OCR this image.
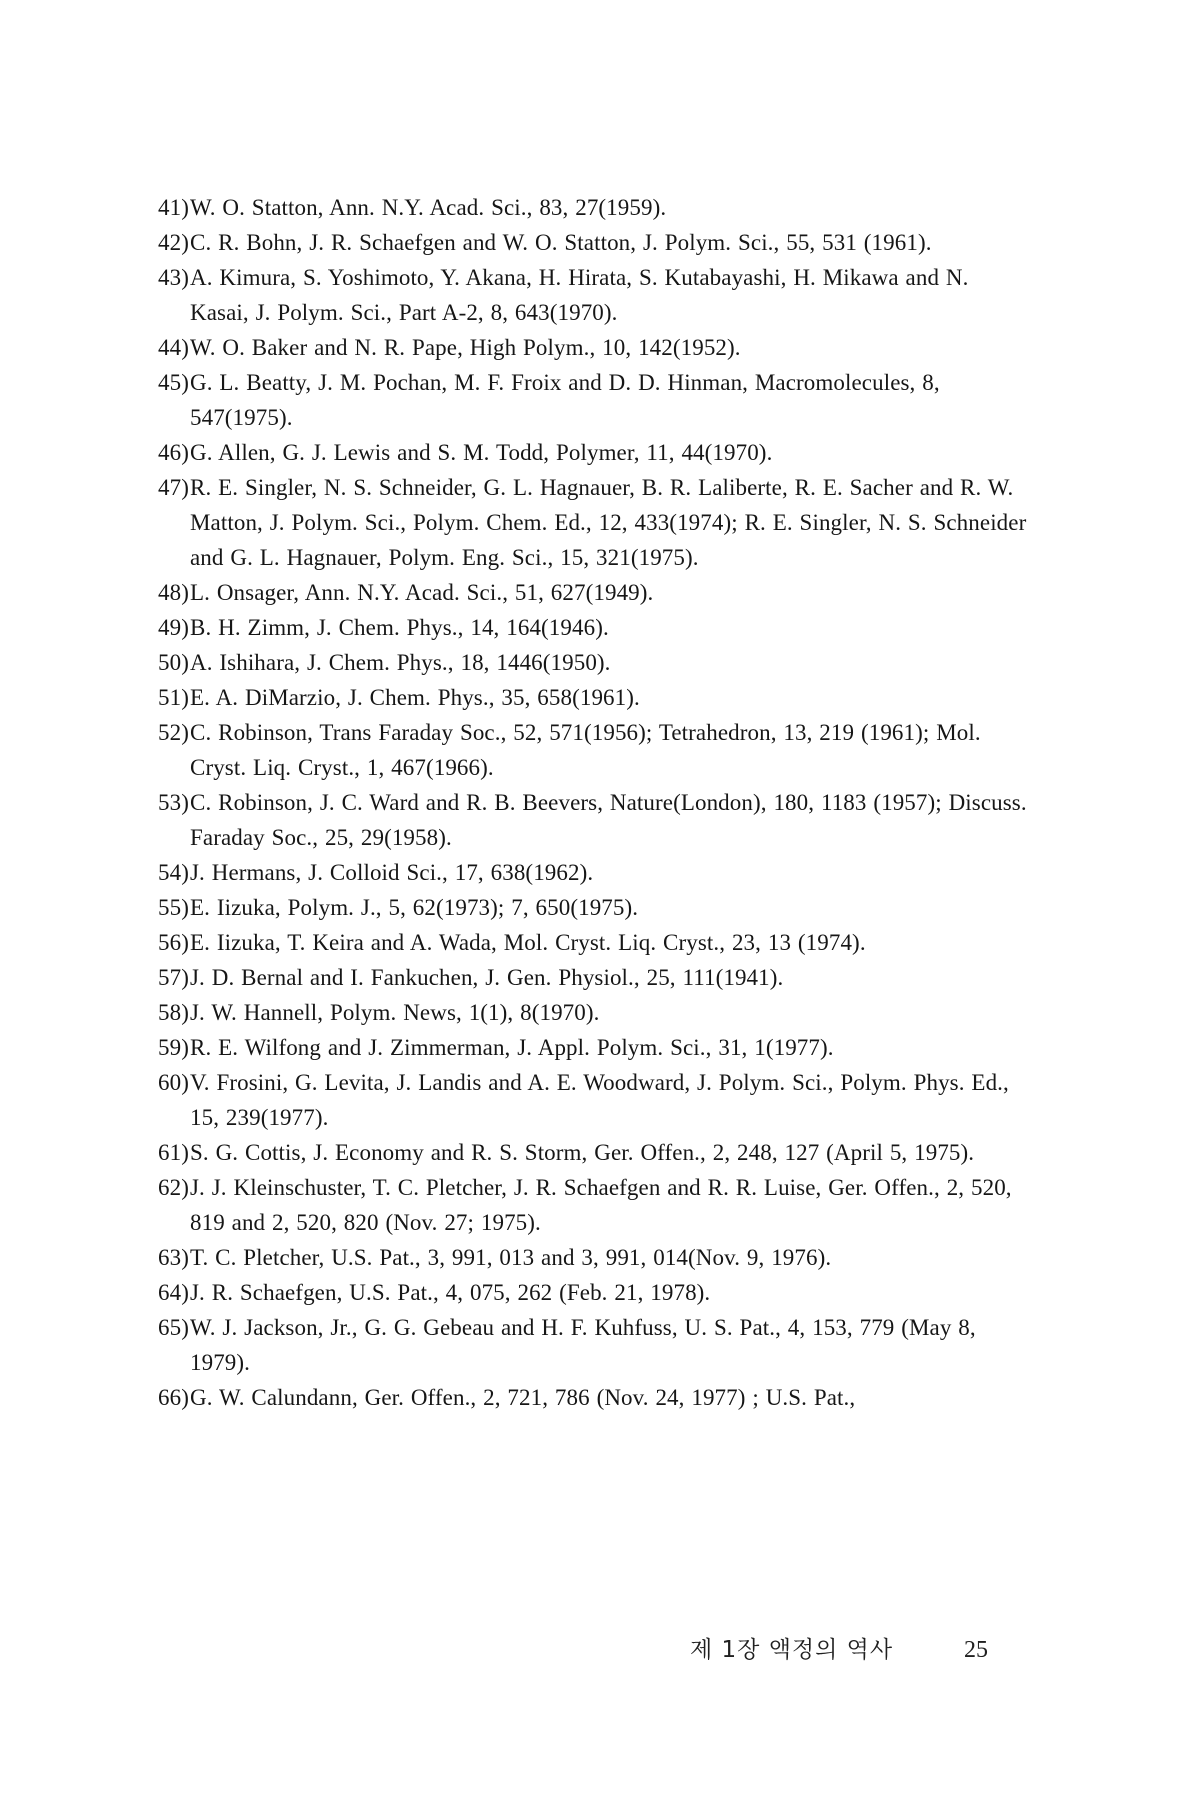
41) W. O. Statton, Ann. N.Y. Acad. Sci., 83, 27(1959).
42) C. R. Bohn, J. R. Schaefgen and W. O. Statton, J. Polym. Sci., 55, 531 (1961).
43) A. Kimura, S. Yoshimoto, Y. Akana, H. Hirata, S. Kutabayashi, H. Mikawa and N. Kasai, J. Polym. Sci., Part A-2, 8, 643(1970).
44) W. O. Baker and N. R. Pape, High Polym., 10, 142(1952).
45) G. L. Beatty, J. M. Pochan, M. F. Froix and D. D. Hinman, Macromolecules, 8, 547(1975).
46) G. Allen, G. J. Lewis and S. M. Todd, Polymer, 11, 44(1970).
47) R. E. Singler, N. S. Schneider, G. L. Hagnauer, B. R. Laliberte, R. E. Sacher and R. W. Matton, J. Polym. Sci., Polym. Chem. Ed., 12, 433(1974); R. E. Singler, N. S. Schneider and G. L. Hagnauer, Polym. Eng. Sci., 15, 321(1975).
48) L. Onsager, Ann. N.Y. Acad. Sci., 51, 627(1949).
49) B. H. Zimm, J. Chem. Phys., 14, 164(1946).
50) A. Ishihara, J. Chem. Phys., 18, 1446(1950).
51) E. A. DiMarzio, J. Chem. Phys., 35, 658(1961).
52) C. Robinson, Trans Faraday Soc., 52, 571(1956); Tetrahedron, 13, 219 (1961); Mol. Cryst. Liq. Cryst., 1, 467(1966).
53) C. Robinson, J. C. Ward and R. B. Beevers, Nature(London), 180, 1183 (1957); Discuss. Faraday Soc., 25, 29(1958).
54) J. Hermans, J. Colloid Sci., 17, 638(1962).
55) E. Iizuka, Polym. J., 5, 62(1973); 7, 650(1975).
56) E. Iizuka, T. Keira and A. Wada, Mol. Cryst. Liq. Cryst., 23, 13 (1974).
57) J. D. Bernal and I. Fankuchen, J. Gen. Physiol., 25, 111(1941).
58) J. W. Hannell, Polym. News, 1(1), 8(1970).
59) R. E. Wilfong and J. Zimmerman, J. Appl. Polym. Sci., 31, 1(1977).
60) V. Frosini, G. Levita, J. Landis and A. E. Woodward, J. Polym. Sci., Polym. Phys. Ed., 15, 239(1977).
61) S. G. Cottis, J. Economy and R. S. Storm, Ger. Offen., 2, 248, 127 (April 5, 1975).
62) J. J. Kleinschuster, T. C. Pletcher, J. R. Schaefgen and R. R. Luise, Ger. Offen., 2, 520, 819 and 2, 520, 820 (Nov. 27; 1975).
63) T. C. Pletcher, U.S. Pat., 3, 991, 013 and 3, 991, 014(Nov. 9, 1976).
64) J. R. Schaefgen, U.S. Pat., 4, 075, 262 (Feb. 21, 1978).
65) W. J. Jackson, Jr., G. G. Gebeau and H. F. Kuhfuss, U. S. Pat., 4, 153, 779 (May 8, 1979).
66) G. W. Calundann, Ger. Offen., 2, 721, 786 (Nov. 24, 1977) ; U.S. Pat.,
제 1장 액정의 역사	25
